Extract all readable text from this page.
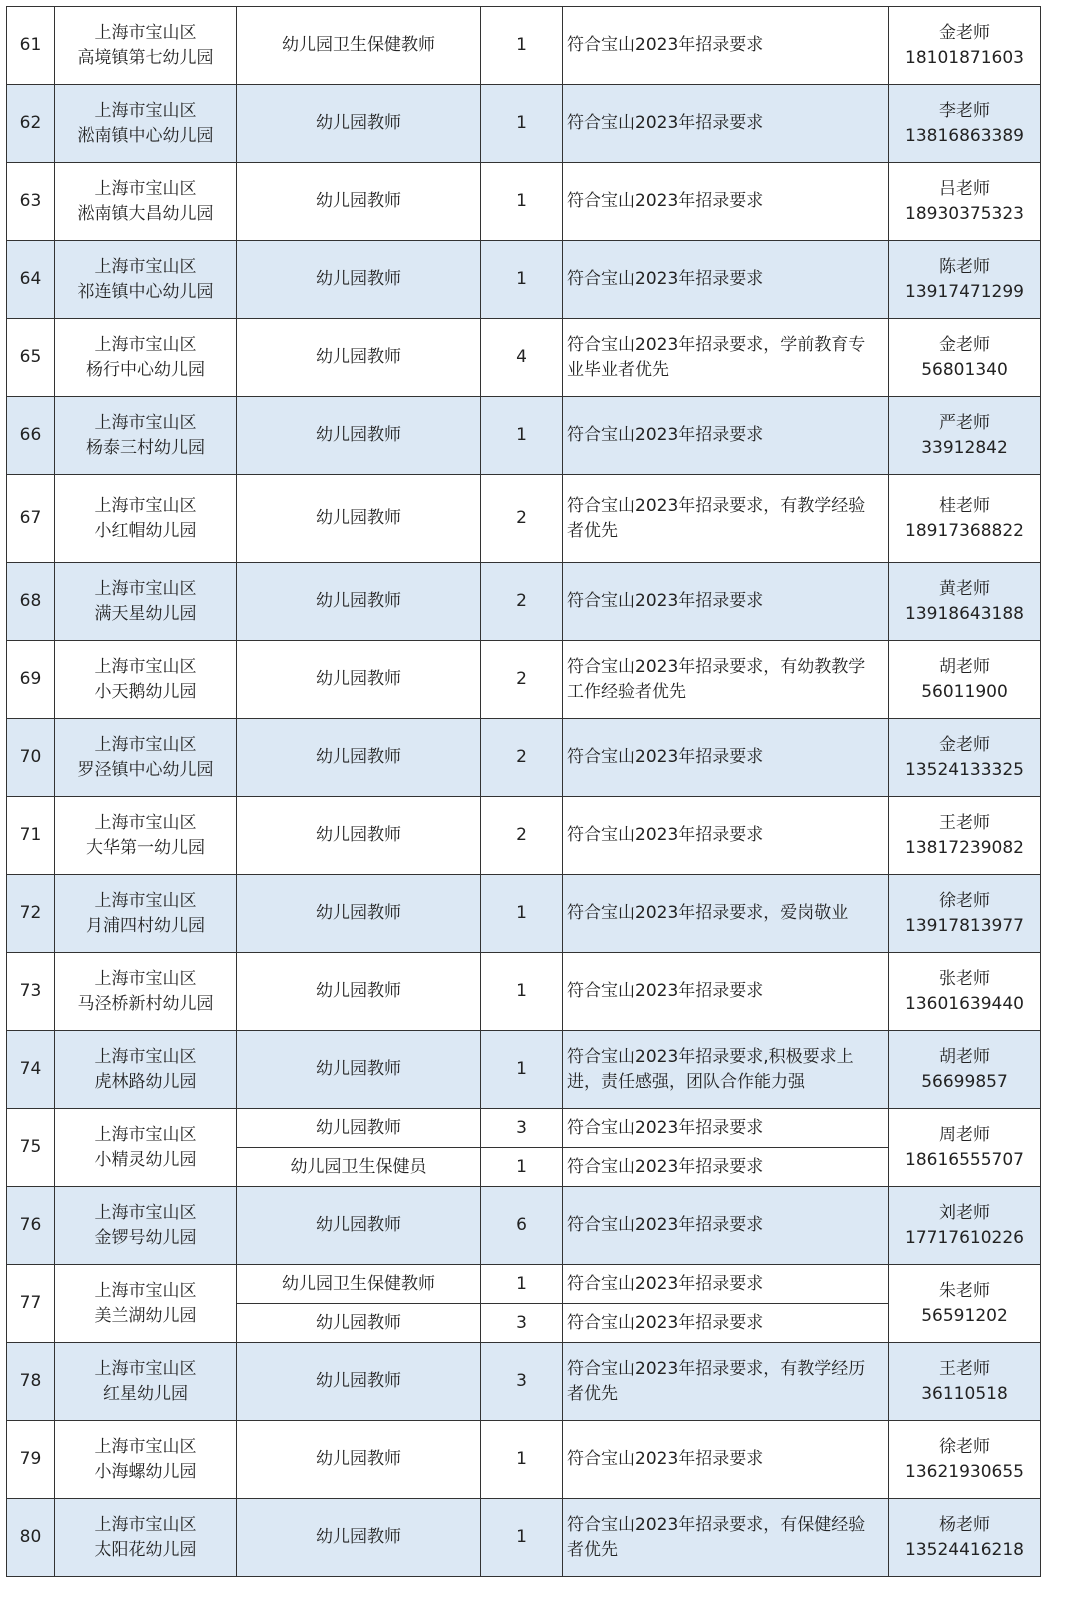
61	上海市宝山区
高境镇第七幼儿园	幼儿园卫生保健教师	1	符合宝山2023年招录要求	金老师
18101871603

62	上海市宝山区
淞南镇中心幼儿园	幼儿园教师	1	符合宝山2023年招录要求	李老师
13816863389

63	上海市宝山区
淞南镇大昌幼儿园	幼儿园教师	1	符合宝山2023年招录要求	吕老师
18930375323

64	上海市宝山区
祁连镇中心幼儿园	幼儿园教师	1	符合宝山2023年招录要求	陈老师
13917471299

65	上海市宝山区
杨行中心幼儿园	幼儿园教师	4	符合宝山2023年招录要求，学前教育专业毕业者优先	金老师
56801340

66	上海市宝山区
杨泰三村幼儿园	幼儿园教师	1	符合宝山2023年招录要求	严老师
33912842

67	上海市宝山区
小红帽幼儿园	幼儿园教师	2	符合宝山2023年招录要求，有教学经验者优先	桂老师
18917368822

68	上海市宝山区
满天星幼儿园	幼儿园教师	2	符合宝山2023年招录要求	黄老师
13918643188

69	上海市宝山区
小天鹅幼儿园	幼儿园教师	2	符合宝山2023年招录要求，有幼教教学工作经验者优先	胡老师
56011900

70	上海市宝山区
罗泾镇中心幼儿园	幼儿园教师	2	符合宝山2023年招录要求	金老师
13524133325

71	上海市宝山区
大华第一幼儿园	幼儿园教师	2	符合宝山2023年招录要求	王老师
13817239082

72	上海市宝山区
月浦四村幼儿园	幼儿园教师	1	符合宝山2023年招录要求，爱岗敬业	徐老师
13917813977

73	上海市宝山区
马泾桥新村幼儿园	幼儿园教师	1	符合宝山2023年招录要求	张老师
13601639440

74	上海市宝山区
虎林路幼儿园	幼儿园教师	1	符合宝山2023年招录要求,积极要求上进，责任感强，团队合作能力强	胡老师
56699857

75	上海市宝山区
小精灵幼儿园	幼儿园教师	3	符合宝山2023年招录要求	周老师
18616555707

		幼儿园卫生保健员	1	符合宝山2023年招录要求	

76	上海市宝山区
金锣号幼儿园	幼儿园教师	6	符合宝山2023年招录要求	刘老师
17717610226

77	上海市宝山区
美兰湖幼儿园	幼儿园卫生保健教师	1	符合宝山2023年招录要求	朱老师
56591202

		幼儿园教师	3	符合宝山2023年招录要求	

78	上海市宝山区
红星幼儿园	幼儿园教师	3	符合宝山2023年招录要求，有教学经历者优先	王老师
36110518

79	上海市宝山区
小海螺幼儿园	幼儿园教师	1	符合宝山2023年招录要求	徐老师
13621930655

80	上海市宝山区
太阳花幼儿园	幼儿园教师	1	符合宝山2023年招录要求，有保健经验者优先	杨老师
13524416218
